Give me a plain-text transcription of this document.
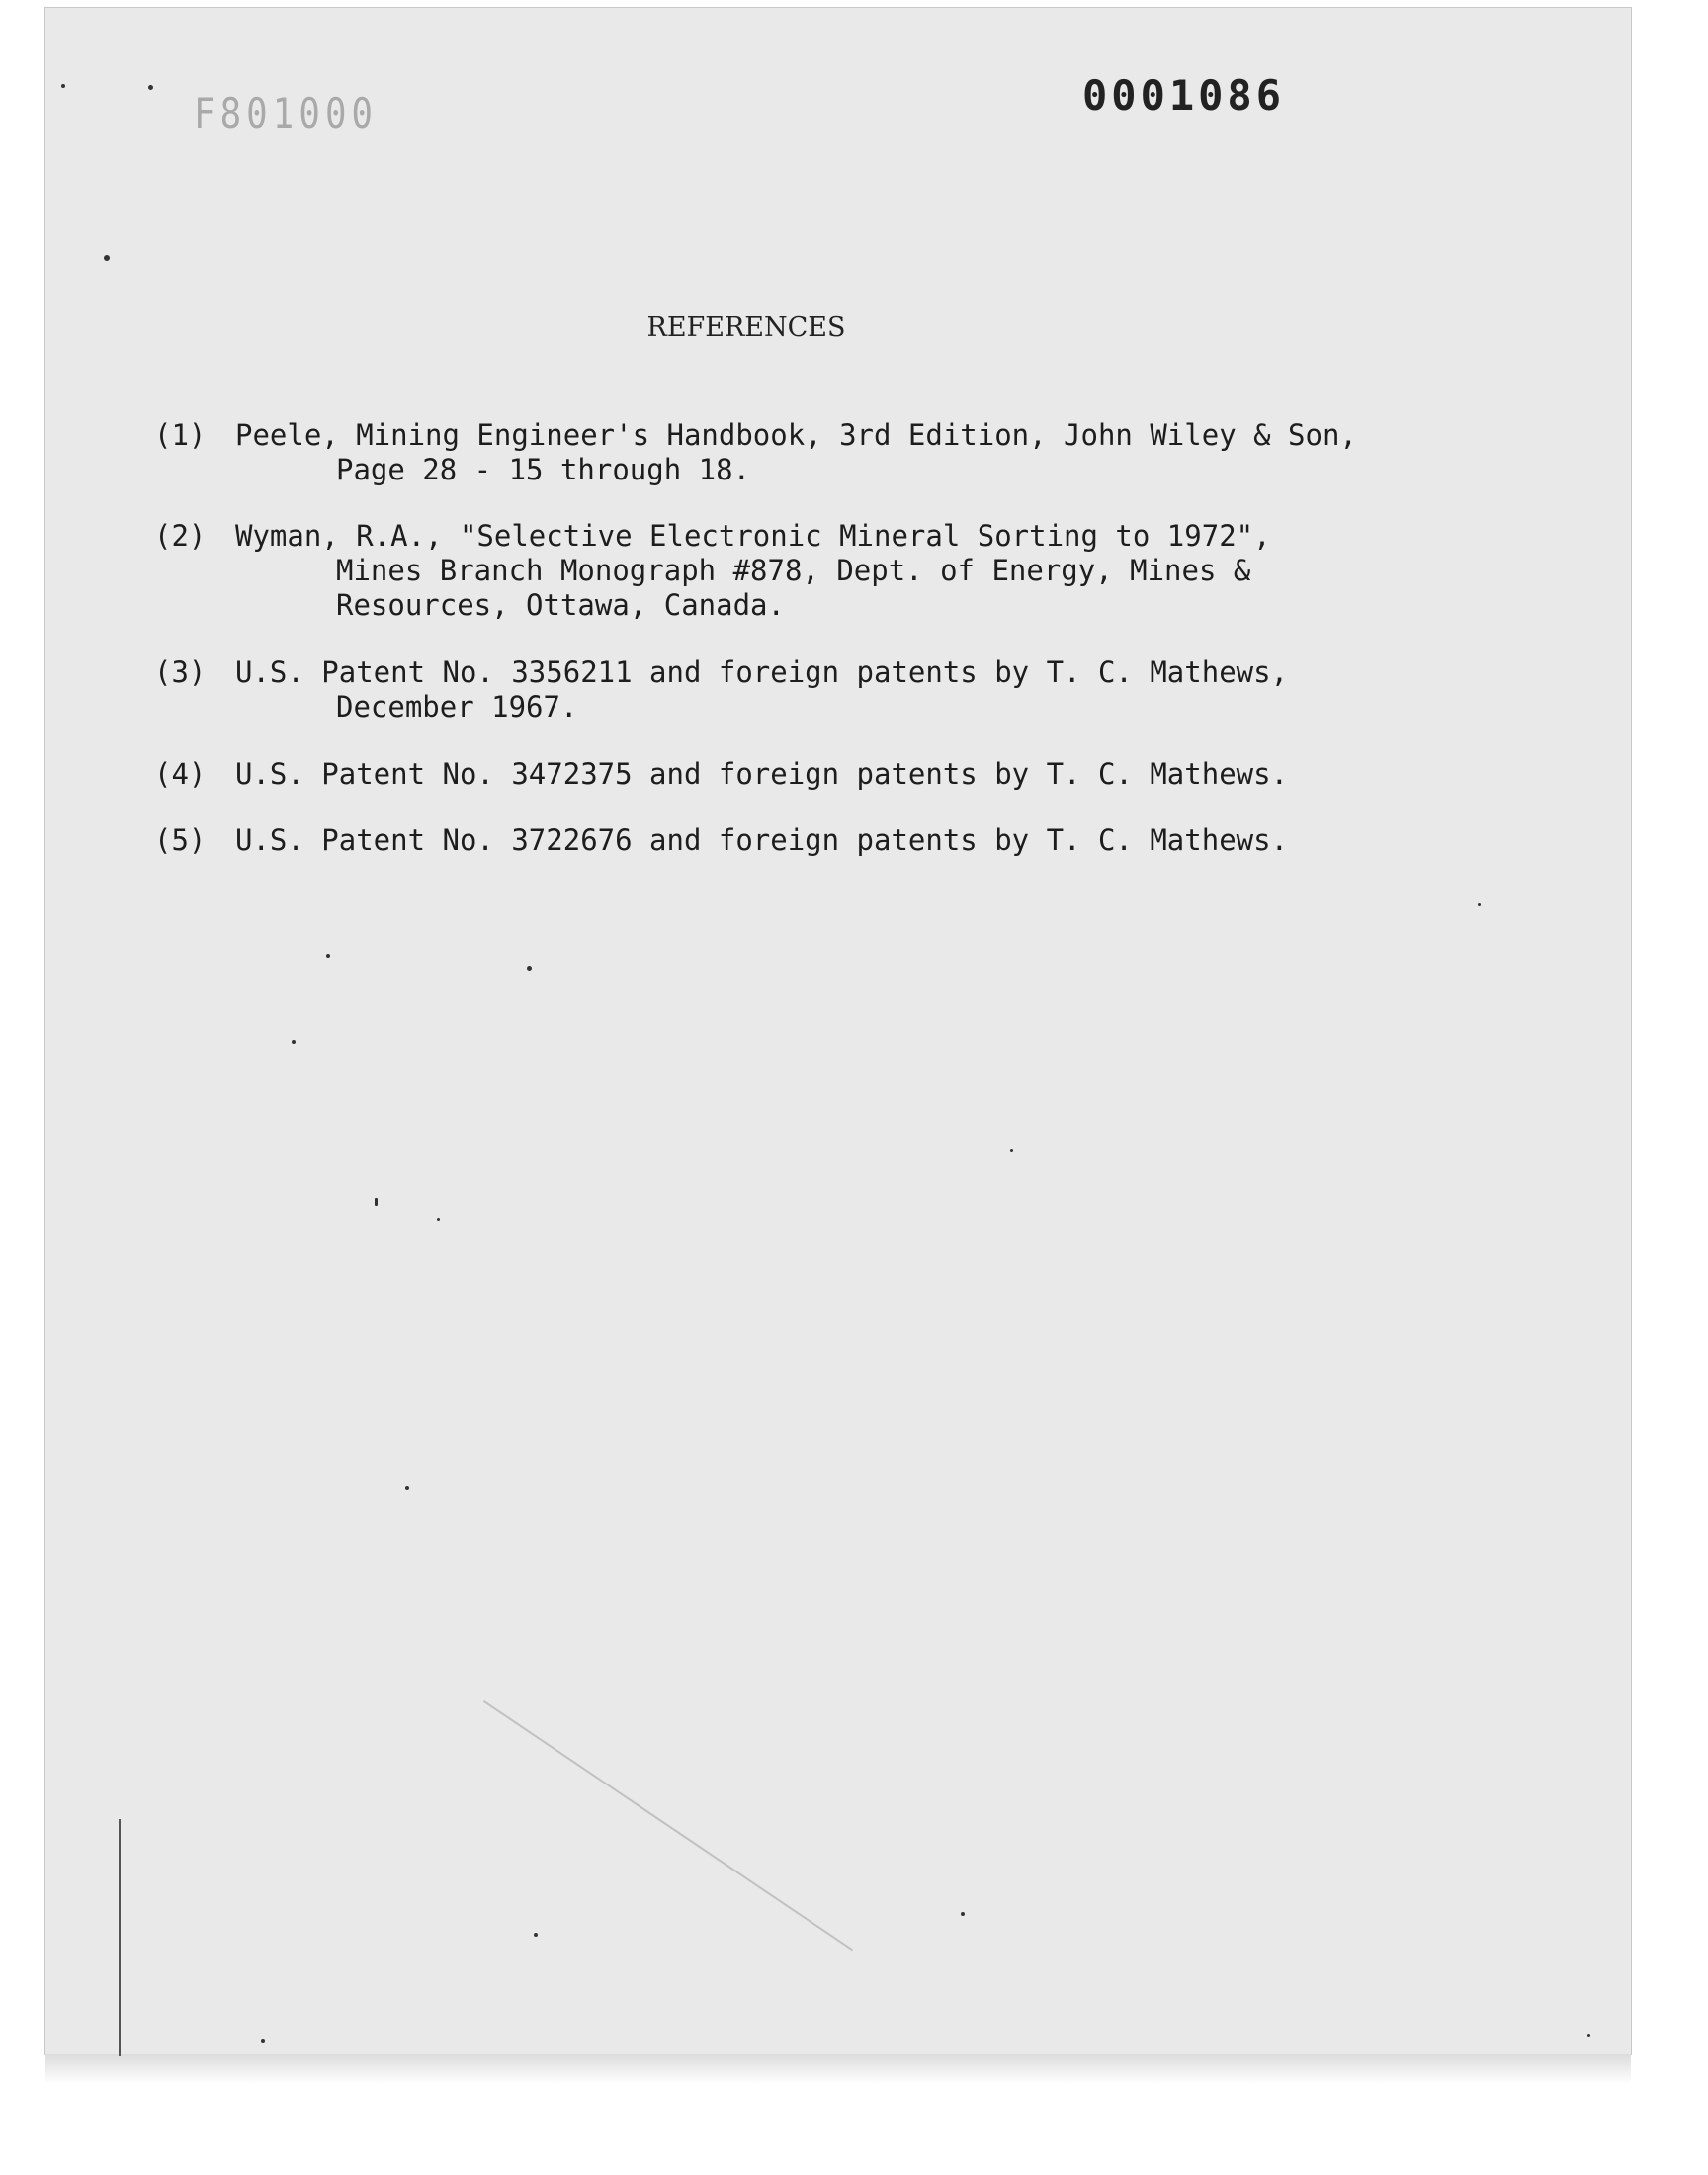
F801000	0001086
REFERENCES
(1) Peele, Mining Engineer's Handbook, 3rd Edition, John Wiley & Son,
Page 28 - 15 through 18.
(2) Wyman, R.A., "Selective Electronic Mineral Sorting to 1972",
Mines Branch Monograph #878, Dept. of Energy, Mines &
Resources, Ottawa, Canada.
(3) U.S. Patent No. 3356211 and foreign patents by T. C. Mathews,
December 1967.
(4) U.S. Patent No. 3472375 and foreign patents by T. C. Mathews.
(5) U.S. Patent No. 3722676 and foreign patents by T. C. Mathews.
